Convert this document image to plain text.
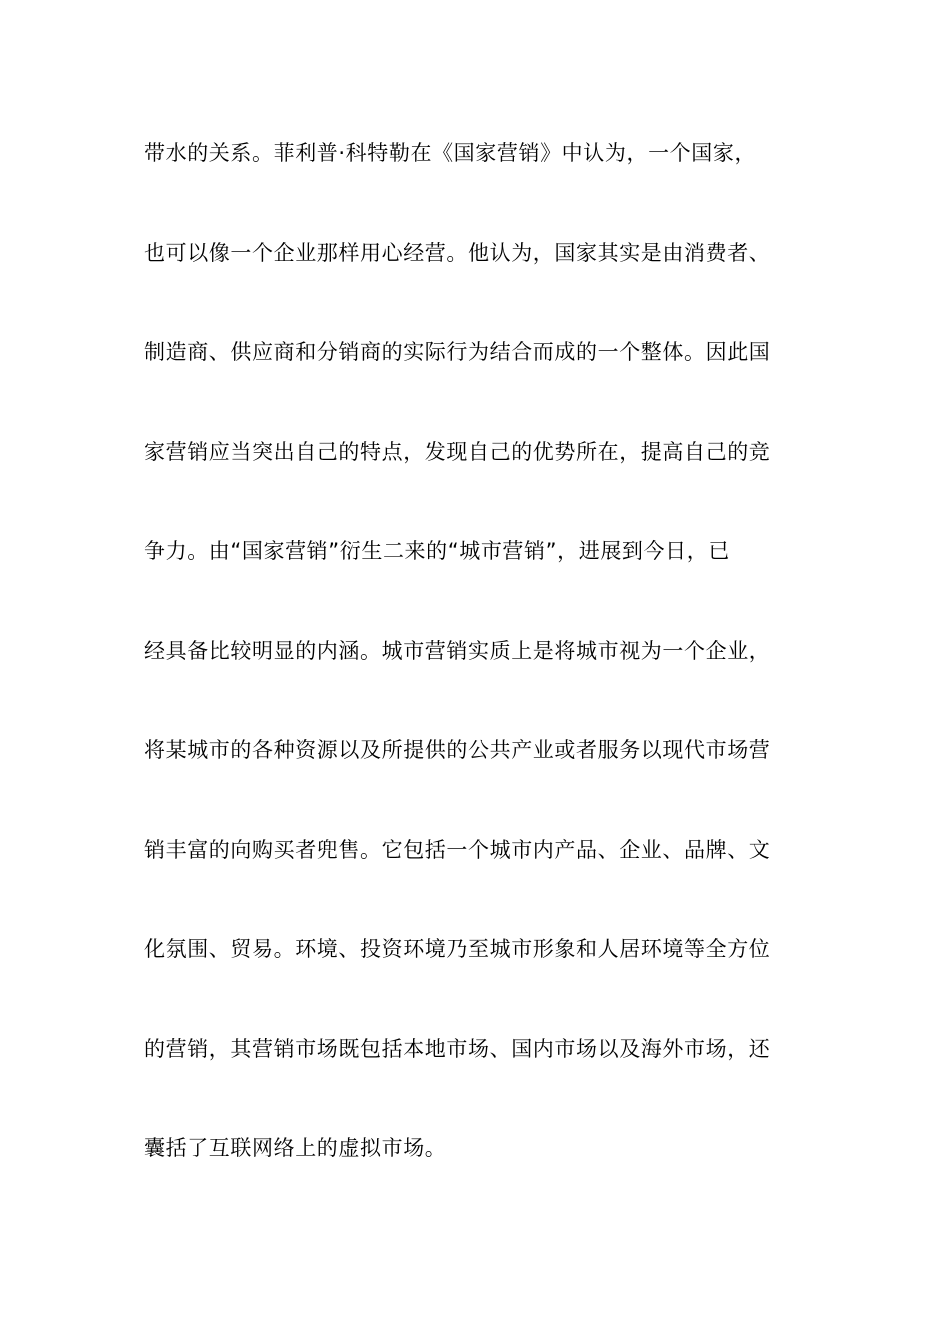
带水的关系。菲利普·科特勒在《国家营销》中认为，一个国家，
也可以像一个企业那样用心经营。他认为，国家其实是由消费者、
制造商、供应商和分销商的实际行为结合而成的一个整体。因此国
家营销应当突出自己的特点，发现自己的优势所在，提高自己的竞
争力。由“国家营销”衍生二来的“城市营销”，进展到今日，已
经具备比较明显的内涵。城市营销实质上是将城市视为一个企业，
将某城市的各种资源以及所提供的公共产业或者服务以现代市场营
销丰富的向购买者兜售。它包括一个城市内产品、企业、品牌、文
化氛围、贸易。环境、投资环境乃至城市形象和人居环境等全方位
的营销，其营销市场既包括本地市场、国内市场以及海外市场，还
囊括了互联网络上的虚拟市场。
